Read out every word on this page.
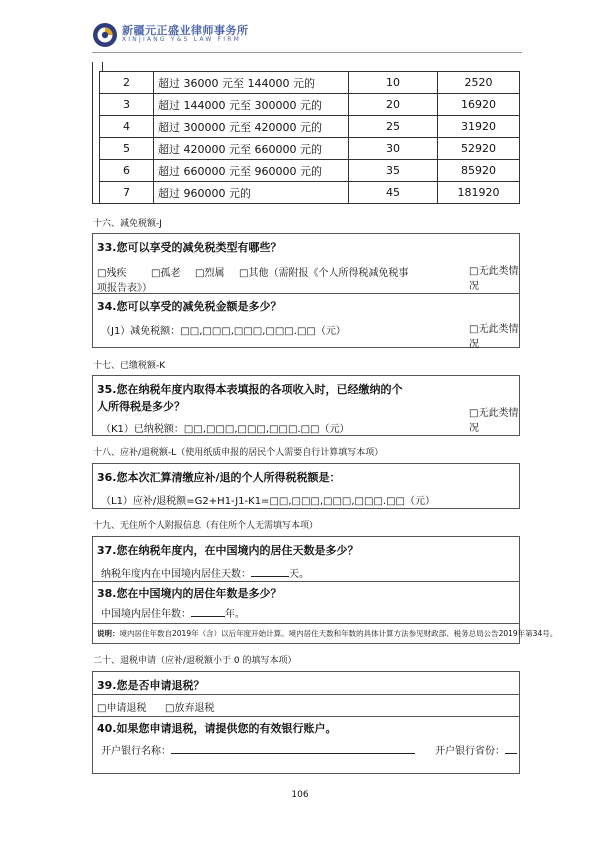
新疆元正盛业律师事务所
XINJIANG Y&S LAW FIRM
	2	超过 36000 元至 144000 元的	10	2520
	3	超过 144000 元至 300000 元的	20	16920
	4	超过 300000 元至 420000 元的	25	31920
	5	超过 420000 元至 660000 元的	30	52920
	6	超过 660000 元至 960000 元的	35	85920
	7	超过 960000 元的	45	181920
十六、减免税额-J
33.您可以享受的减免税类型有哪些？
□残疾 □孤老 □烈属 □其他（需附报《个人所得税减免税事
项报告表》）
□无此类情
况
34.您可以享受的减免税金额是多少？
（J1）减免税额：□□,□□□,□□□,□□□.□□（元）	□无此类情
况
十七、已缴税额-K
35.您在纳税年度内取得本表填报的各项收入时，已经缴纳的个
人所得税是多少？
（K1）已纳税额：□□,□□□,□□□,□□□.□□（元）
□无此类情
况
十八、应补/退税额-L（使用纸质申报的居民个人需要自行计算填写本项）
36.您本次汇算清缴应补/退的个人所得税税额是：
（L1）应补/退税额=G2+H1-J1-K1=□□,□□□,□□□,□□□.□□（元）
十九、无住所个人附报信息（有住所个人无需填写本项）
37.您在纳税年度内，在中国境内的居住天数是多少？
纳税年度内在中国境内居住天数：	天。
38.您在中国境内的居住年数是多少？
中国境内居住年数：	年。
说明：境内居住年数自2019年（含）以后年度开始计算。境内居住天数和年数的具体计算方法参见财政部、税务总局公告2019年第34号。
二十、退税申请（应补/退税额小于 0 的填写本项）
39.您是否申请退税？
□申请退税 □放弃退税
40.如果您申请退税，请提供您的有效银行账户。
开户银行名称：	开户银行省份：
106
